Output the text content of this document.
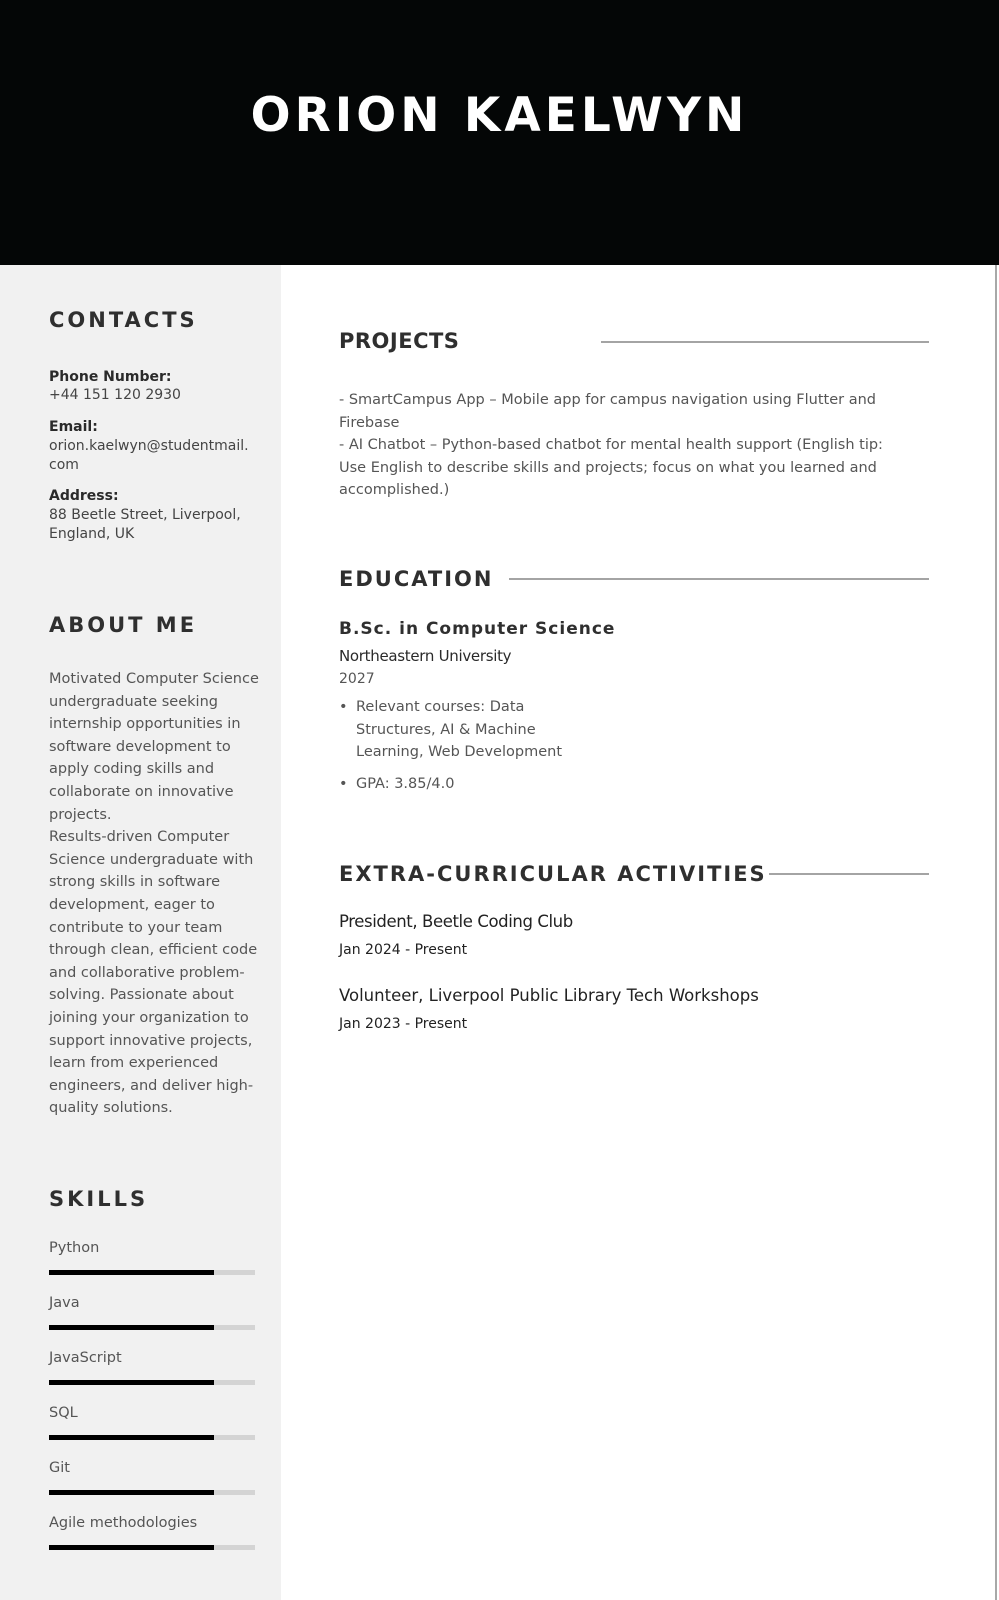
ORION KAELWYN
CONTACTS
Phone Number:
+44 151 120 2930
Email:
orion.kaelwyn@studentmail.
com
Address:
88 Beetle Street, Liverpool, England, UK
ABOUT ME
Motivated Computer Science undergraduate seeking internship opportunities in software development to apply coding skills and collaborate on innovative projects.
Results-driven Computer Science undergraduate with strong skills in software development, eager to contribute to your team through clean, efficient code and collaborative problem-solving. Passionate about joining your organization to support innovative projects, learn from experienced engineers, and deliver high-quality solutions.
SKILLS
Python
Java
JavaScript
SQL
Git
Agile methodologies
PROJECTS
- SmartCampus App – Mobile app for campus navigation using Flutter and Firebase
- AI Chatbot – Python-based chatbot for mental health support (English tip: Use English to describe skills and projects; focus on what you learned and accomplished.)
EDUCATION
B.Sc. in Computer Science
Northeastern University
2027
• Relevant courses: Data Structures, AI & Machine Learning, Web Development
• GPA: 3.85/4.0
EXTRA-CURRICULAR ACTIVITIES
President, Beetle Coding Club
Jan 2024 - Present
Volunteer, Liverpool Public Library Tech Workshops
Jan 2023 - Present
